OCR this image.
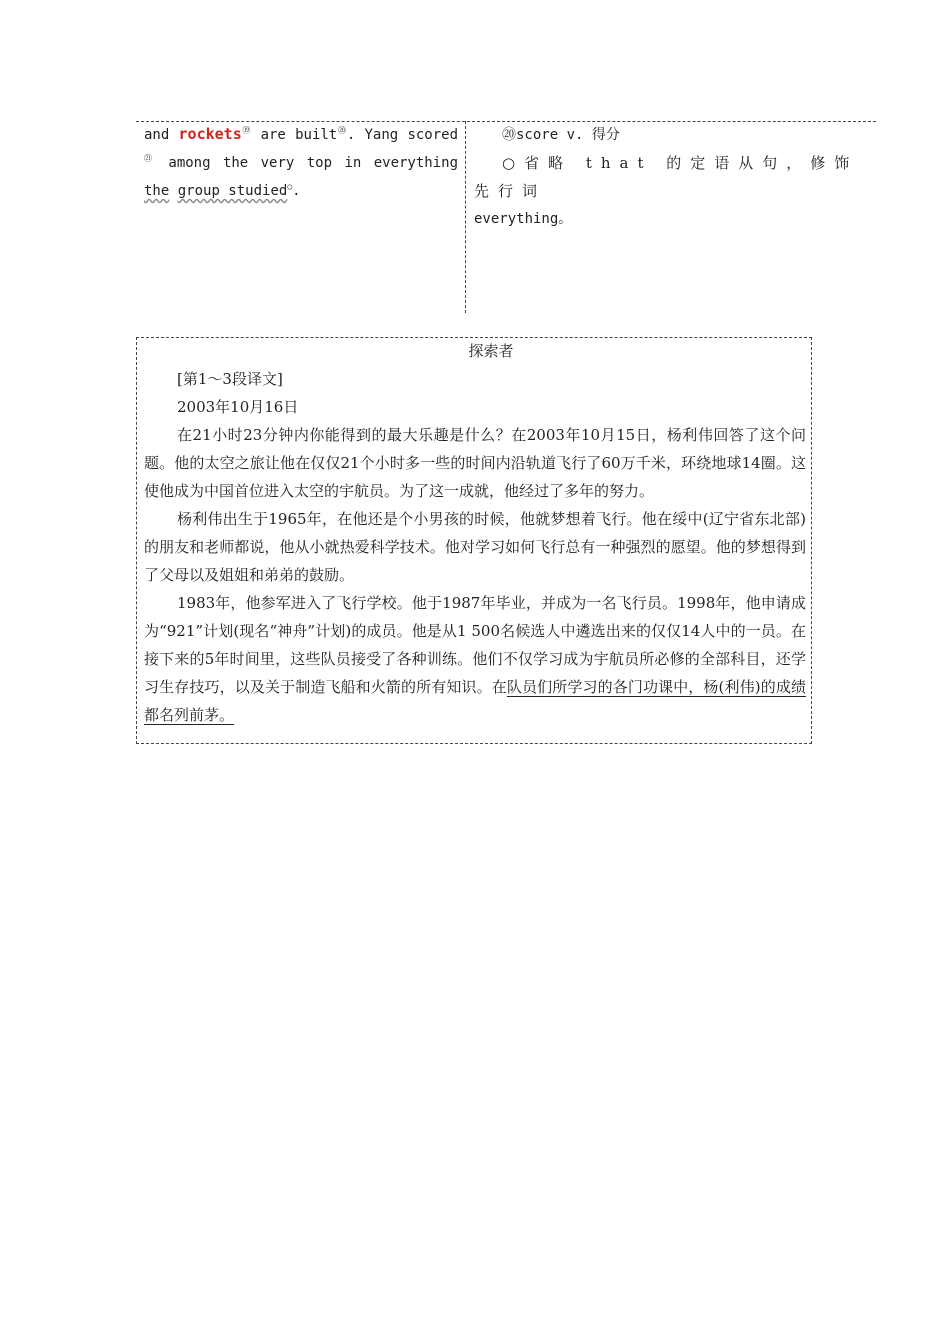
and rockets⑲ are built⑳. Yang scored$^㉑$ among the very top in everything the group studied○.

⑳score v. 得分

○省略 that 的定语从句，修饰先行词

everything。

探索者

[第1～3段译文]

2003年10月16日

在21小时23分钟内你能得到的最大乐趣是什么？在2003年10月15日，杨利伟回答了这个问题。他的太空之旅让他在仅仅21个小时多一些的时间内沿轨道飞行了60万千米，环绕地球14圈。这使他成为中国首位进入太空的宇航员。为了这一成就，他经过了多年的努力。

杨利伟出生于1965年，在他还是个小男孩的时候，他就梦想着飞行。他在绥中(辽宁省东北部)的朋友和老师都说，他从小就热爱科学技术。他对学习如何飞行总有一种强烈的愿望。他的梦想得到了父母以及姐姐和弟弟的鼓励。

1983年，他参军进入了飞行学校。他于1987年毕业，并成为一名飞行员。1998年，他申请成为“921”计划(现名“神舟”计划)的成员。他是从1 500名候选人中遴选出来的仅仅14人中的一员。在接下来的5年时间里，这些队员接受了各种训练。他们不仅学习成为宇航员所必修的全部科目，还学习生存技巧，以及关于制造飞船和火箭的所有知识。在队员们所学习的各门功课中，杨(利伟)的成绩都名列前茅。
